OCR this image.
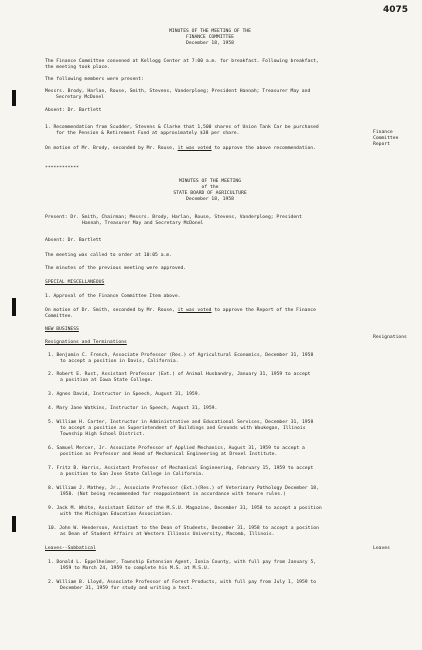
4075
MINUTES OF THE MEETING OF THE
FINANCE COMMITTEE
December 18, 1958
The Finance Committee convened at Kellogg Center at 7:00 a.m. for breakfast. Following breakfast,
the meeting took place.
The following members were present:
Messrs. Brody, Harlan, Rouse, Smith, Stevens, Vanderploeg; President Hannah; Treasurer May and
Secretary McDonel
Absent: Dr. Bartlett
1. Recommendation from Scudder, Stevens & Clarke that 1,500 shares of Union Tank Car be purchased
for the Pension & Retirement Fund at approximately $38 per share.
On motion of Mr. Brody, seconded by Mr. Rouse, it was voted to approve the above recommendation.
Finance
Committee
Report
************
MINUTES OF THE MEETING
of the
STATE BOARD OF AGRICULTURE
December 18, 1958
Present: Dr. Smith, Chairman; Messrs. Brody, Harlan, Rouse, Stevens, Vanderploeg; President
Hannah, Treasurer May and Secretary McDonel
Absent: Dr. Bartlett
The meeting was called to order at 10:05 a.m.
The minutes of the previous meeting were approved.
SPECIAL MISCELLANEOUS
1. Approval of the Finance Committee Item above.
On motion of Dr. Smith, seconded by Mr. Rouse, it was voted to approve the Report of the Finance
Committee.
NEW BUSINESS
Resignations and Terminations
Resignations
1. Benjamin C. French, Associate Professor (Res.) of Agricultural Economics, December 31, 1958
to accept a position in Davis, California.
2. Robert E. Rust, Assistant Professor (Ext.) of Animal Husbandry, January 31, 1959 to accept
a position at Iowa State College.
3. Agnes David, Instructor in Speech, August 31, 1959.
4. Mary Jane Watkins, Instructor in Speech, August 31, 1959.
5. William H. Carter, Instructor in Administrative and Educational Services, December 31, 1958
to accept a position as Superintendent of Buildings and Grounds with Waukegan, Illinois
Township High School District.
6. Samuel Mercer, Jr. Associate Professor of Applied Mechanics, August 31, 1959 to accept a
position as Professor and Head of Mechanical Engineering at Drexel Institute.
7. Fritz B. Harris, Assistant Professor of Mechanical Engineering, February 15, 1959 to accept
a position to San Jose State College in California.
8. William J. Mathey, Jr., Associate Professor (Ext.)(Res.) of Veterinary Pathology December 18,
1958. (Not being recommended for reappointment in accordance with tenure rules.)
9. Jack M. White, Assistant Editor of the M.S.U. Magazine, December 31, 1958 to accept a position
with the Michigan Education Association.
10. John W. Henderson, Assistant to the Dean of Students, December 31, 1958 to accept a position
as Dean of Student Affairs at Western Illinois University, Macomb, Illinois.
Leaves--Sabbatical	Leaves
1. Donald L. Eppelheimer, Township Extension Agent, Ionia County, with full pay from January 5,
1959 to March 24, 1959 to complete his M.S. at M.S.U.
2. William B. Lloyd, Associate Professor of Forest Products, with full pay from July 1, 1959 to
December 31, 1959 for study and writing a text.
